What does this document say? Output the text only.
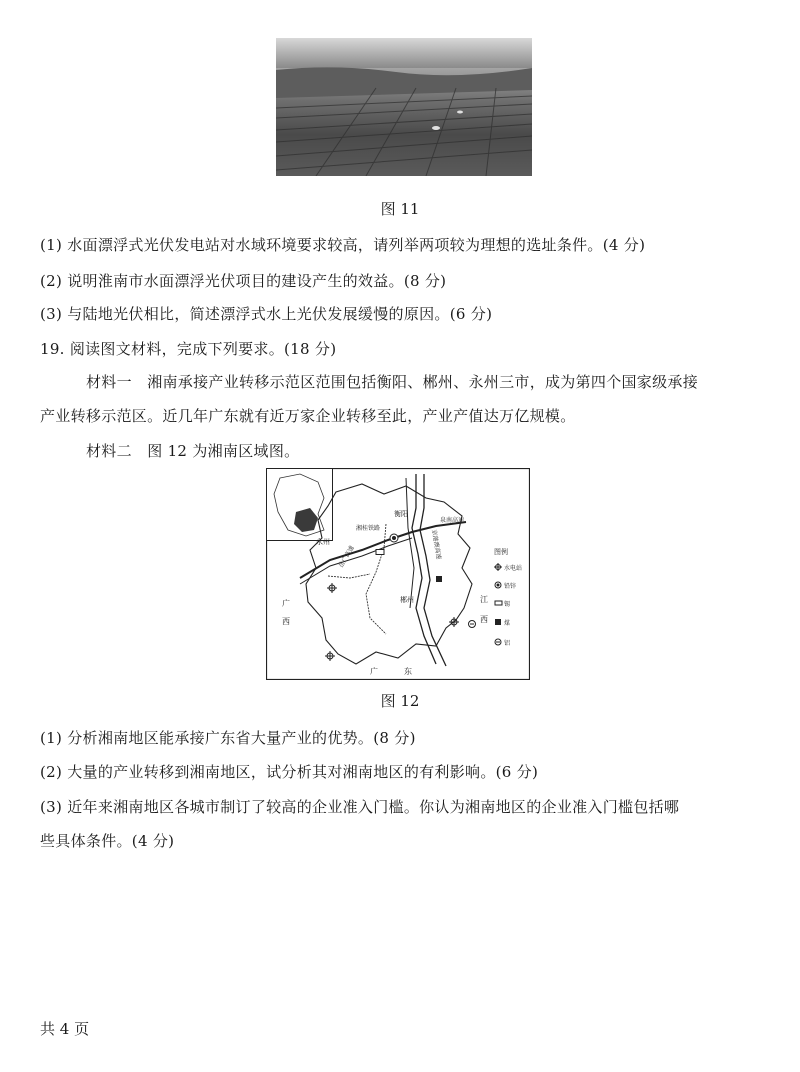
图 11
(1) 水面漂浮式光伏发电站对水域环境要求较高，请列举两项较为理想的选址条件。(4 分)
(2) 说明淮南市水面漂浮光伏项目的建设产生的效益。(8 分)
(3) 与陆地光伏相比，简述漂浮式水上光伏发展缓慢的原因。(6 分)
19. 阅读图文材料，完成下列要求。(18 分)
材料一　湘南承接产业转移示范区范围包括衡阳、郴州、永州三市，成为第四个国家级承接
产业转移示范区。近几年广东就有近万家企业转移至此，产业产值达万亿规模。
材料二　图 12 为湘南区域图。
湘桂铁路
泉南高速
京港澳高速
岳广高速
衡阳
永州
郴州
广
西
江
西
广	东
图例
水电站
铅锌
锡
煤
铝
图 12
(1) 分析湘南地区能承接广东省大量产业的优势。(8 分)
(2) 大量的产业转移到湘南地区，试分析其对湘南地区的有利影响。(6 分)
(3) 近年来湘南地区各城市制订了较高的企业准入门槛。你认为湘南地区的企业准入门槛包括哪
些具体条件。(4 分)
共 4 页
